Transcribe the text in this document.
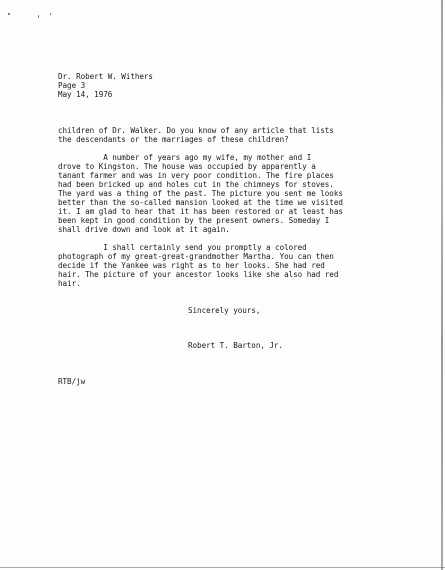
Dr. Robert W. Withers
Page 3
May 14, 1976
children of Dr. Walker. Do you know of any article that lists
the descendants or the marriages of these children?
A number of years ago my wife, my mother and I
drove to Kingston. The house was occupied by apparently a
tanant farmer and was in very poor condition. The fire places
had been bricked up and holes cut in the chimneys for stoves.
The yard was a thing of the past. The picture you sent me looks
better than the so-called mansion looked at the time we visited
it. I am glad to hear that it has been restored or at least has
been kept in good condition by the present owners. Someday I
shall drive down and look at it again.
I shall certainly send you promptly a colored
photograph of my great-great-grandmother Martha. You can then
decide if the Yankee was right as to her looks. She had red
hair. The picture of your ancestor looks like she also had red
hair.
Sincerely yours,
Robert T. Barton, Jr.
RTB/jw
